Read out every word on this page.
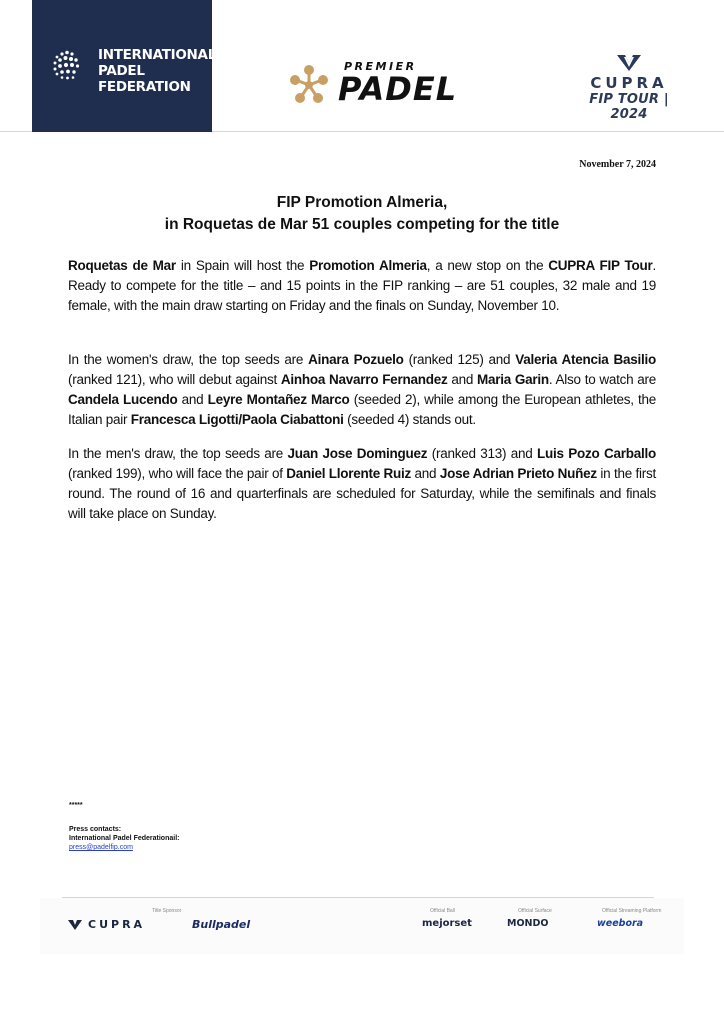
INTERNATIONAL
PADEL
FEDERATION
PREMIER
PADEL	CUPRA
FIP TOUR | 2024
November 7, 2024
FIP Promotion Almeria,
in Roquetas de Mar 51 couples competing for the title

Roquetas de Mar in Spain will host the Promotion Almeria, a new stop on the CUPRA FIP Tour. Ready to compete for the title – and 15 points in the FIP ranking – are 51 couples, 32 male and 19 female, with the main draw starting on Friday and the finals on Sunday, November 10.

In the women's draw, the top seeds are Ainara Pozuelo (ranked 125) and Valeria Atencia Basilio (ranked 121), who will debut against Ainhoa Navarro Fernandez and Maria Garin. Also to watch are Candela Lucendo and Leyre Montañez Marco (seeded 2), while among the European athletes, the Italian pair Francesca Ligotti/Paola Ciabattoni (seeded 4) stands out.

In the men's draw, the top seeds are Juan Jose Dominguez (ranked 313) and Luis Pozo Carballo (ranked 199), who will face the pair of Daniel Llorente Ruiz and Jose Adrian Prieto Nuñez in the first round. The round of 16 and quarterfinals are scheduled for Saturday, while the semifinals and finals will take place on Sunday.

*****
Press contacts:
International Padel Federationail:
press@padelfip.com
Title Sponsor	Official Ball	Official Surface	Official Streaming Platform
CUPRA	Bullpadel	mejorset	MONDO	weebora
